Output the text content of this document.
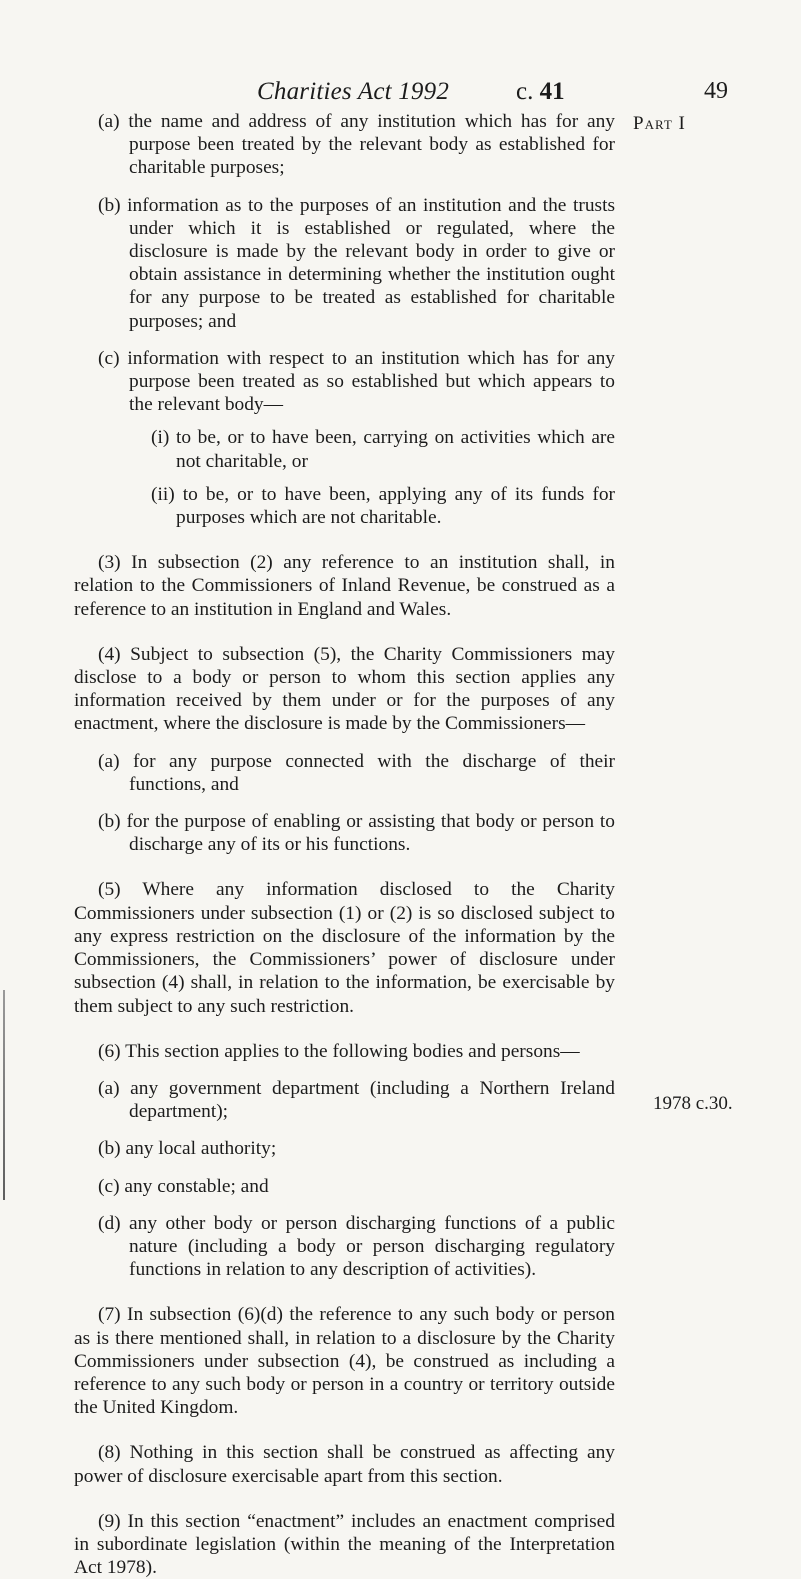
Charities Act 1992	c. 41	49
Part I
1978 c.30.

(a) the name and address of any institution which has for any purpose been treated by the relevant body as established for charitable purposes;

(b) information as to the purposes of an institution and the trusts under which it is established or regulated, where the disclosure is made by the relevant body in order to give or obtain assistance in determining whether the institution ought for any purpose to be treated as established for charitable purposes; and

(c) information with respect to an institution which has for any purpose been treated as so established but which appears to the relevant body—

(i) to be, or to have been, carrying on activities which are not charitable, or

(ii) to be, or to have been, applying any of its funds for purposes which are not charitable.

(3) In subsection (2) any reference to an institution shall, in relation to the Commissioners of Inland Revenue, be construed as a reference to an institution in England and Wales.

(4) Subject to subsection (5), the Charity Commissioners may disclose to a body or person to whom this section applies any information received by them under or for the purposes of any enactment, where the disclosure is made by the Commissioners—

(a) for any purpose connected with the discharge of their functions, and

(b) for the purpose of enabling or assisting that body or person to discharge any of its or his functions.

(5) Where any information disclosed to the Charity Commissioners under subsection (1) or (2) is so disclosed subject to any express restriction on the disclosure of the information by the Commissioners, the Commissioners’ power of disclosure under subsection (4) shall, in relation to the information, be exercisable by them subject to any such restriction.

(6) This section applies to the following bodies and persons—

(a) any government department (including a Northern Ireland department);

(b) any local authority;

(c) any constable; and

(d) any other body or person discharging functions of a public nature (including a body or person discharging regulatory functions in relation to any description of activities).

(7) In subsection (6)(d) the reference to any such body or person as is there mentioned shall, in relation to a disclosure by the Charity Commissioners under subsection (4), be construed as including a reference to any such body or person in a country or territory outside the United Kingdom.

(8) Nothing in this section shall be construed as affecting any power of disclosure exercisable apart from this section.

(9) In this section “enactment” includes an enactment comprised in subordinate legislation (within the meaning of the Interpretation Act 1978).
